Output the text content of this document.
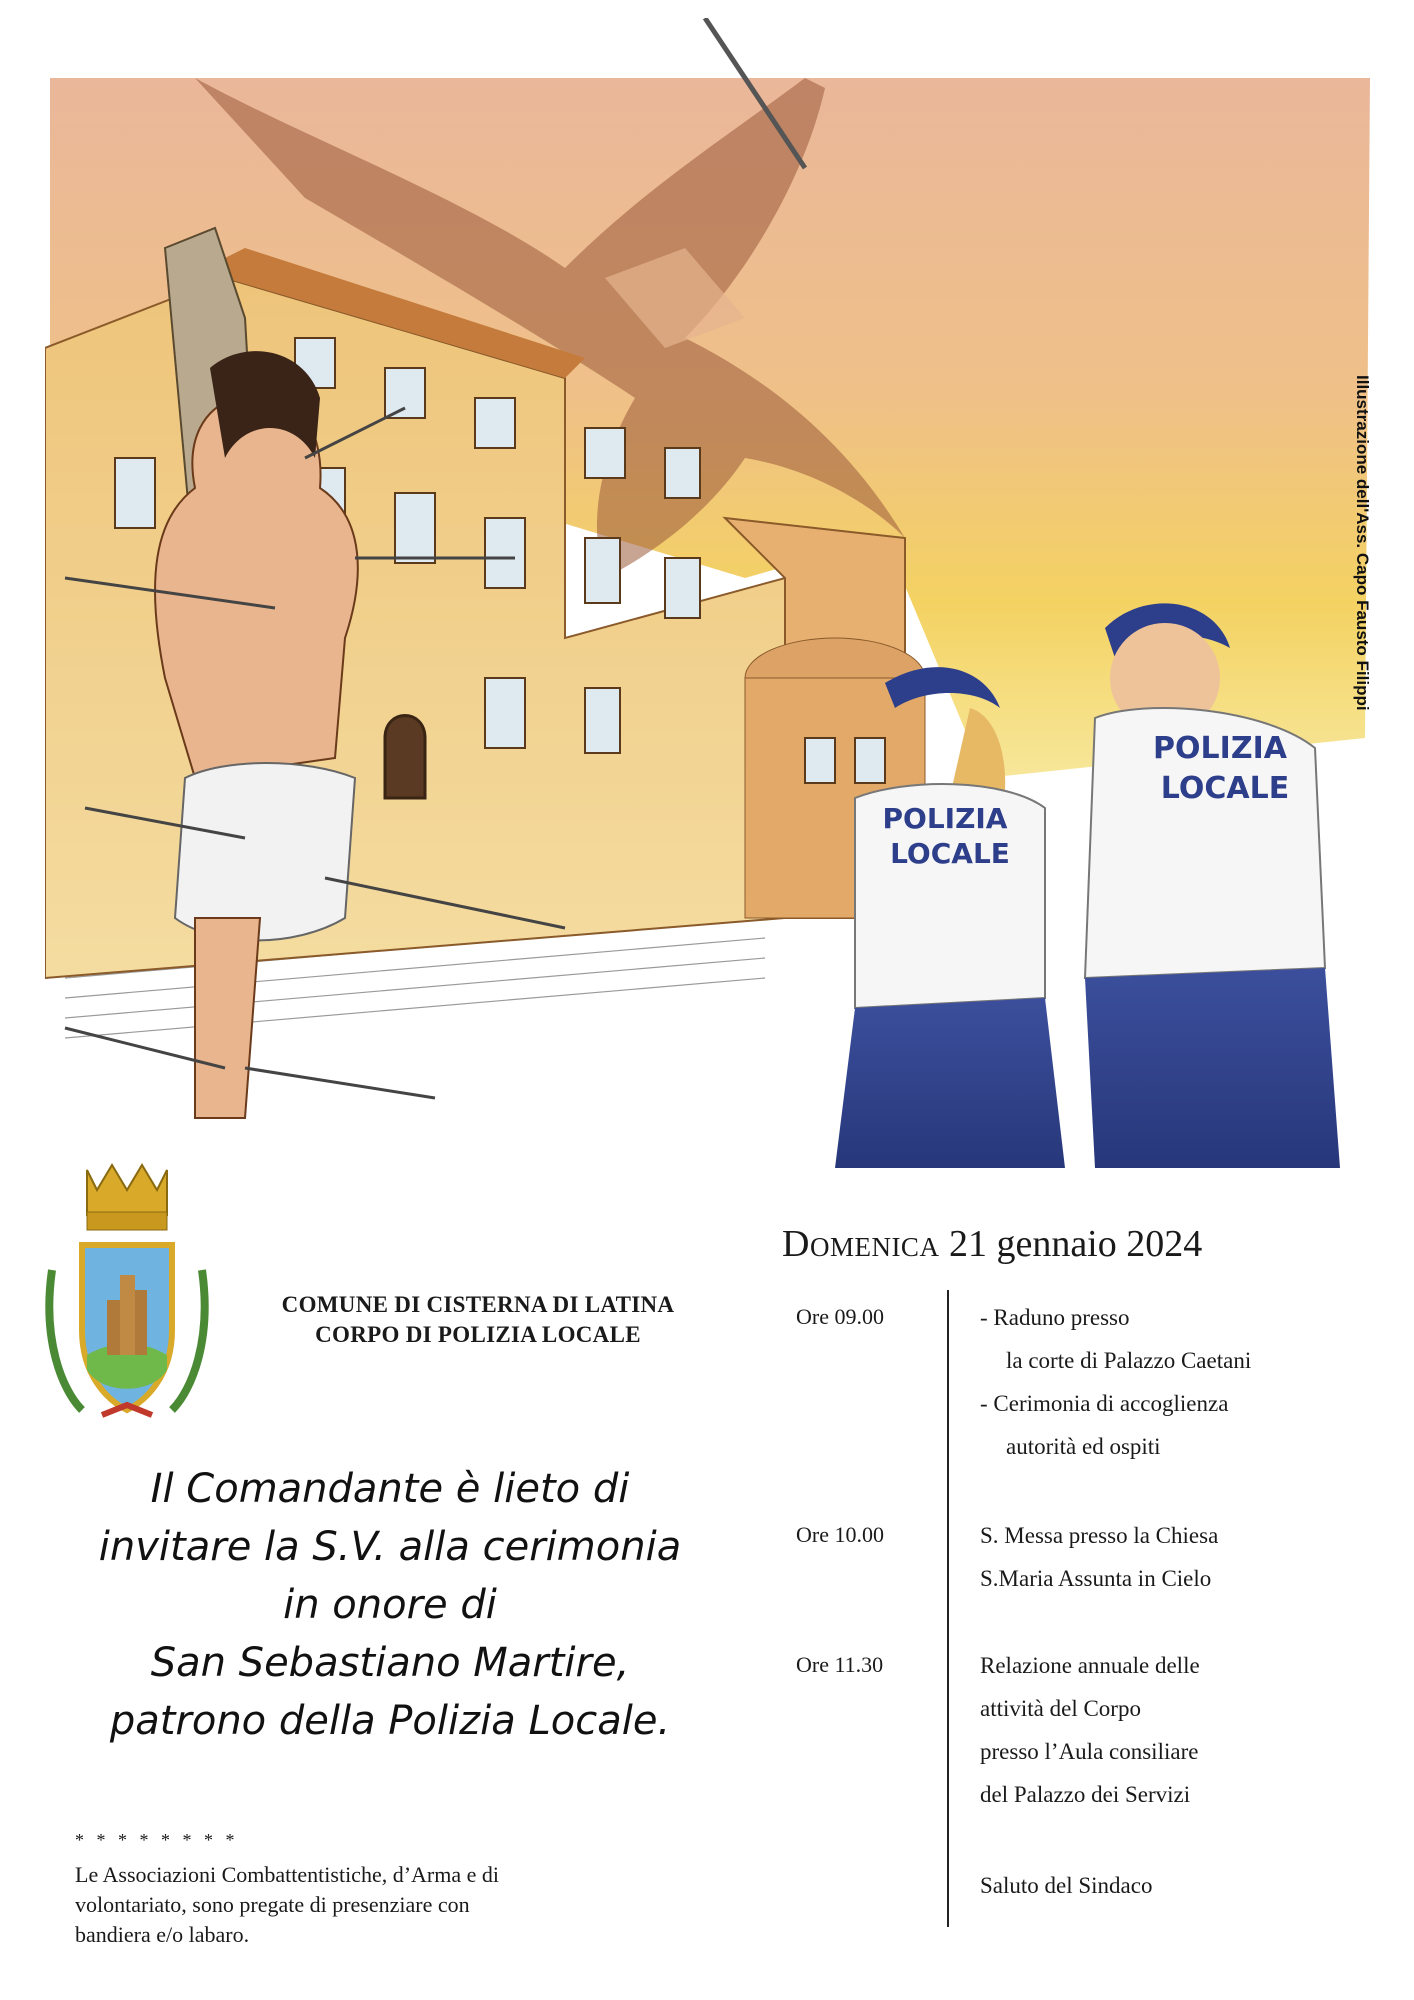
POLIZIA
LOCALE
POLIZIA
LOCALE
Illustrazione dell'Ass. Capo Fausto Filippi
COMUNE DI CISTERNA DI LATINA
CORPO DI POLIZIA LOCALE
Il Comandante è lieto di
invitare la S.V. alla cerimonia
in onore di
San Sebastiano Martire,
patrono della Polizia Locale.
* * * * * * * *
Le Associazioni Combattentistiche, d’Arma e di
volontariato, sono pregate di presenziare con
bandiera e/o labaro.
Domenica 21 gennaio 2024
Ore 09.00	- Raduno presso
la corte di Palazzo Caetani
- Cerimonia di accoglienza
autorità ed ospiti
Ore 10.00	S. Messa presso la Chiesa
S.Maria Assunta in Cielo
Ore 11.30	Relazione annuale delle
attività del Corpo
presso l’Aula consiliare
del Palazzo dei Servizi
Saluto del Sindaco
